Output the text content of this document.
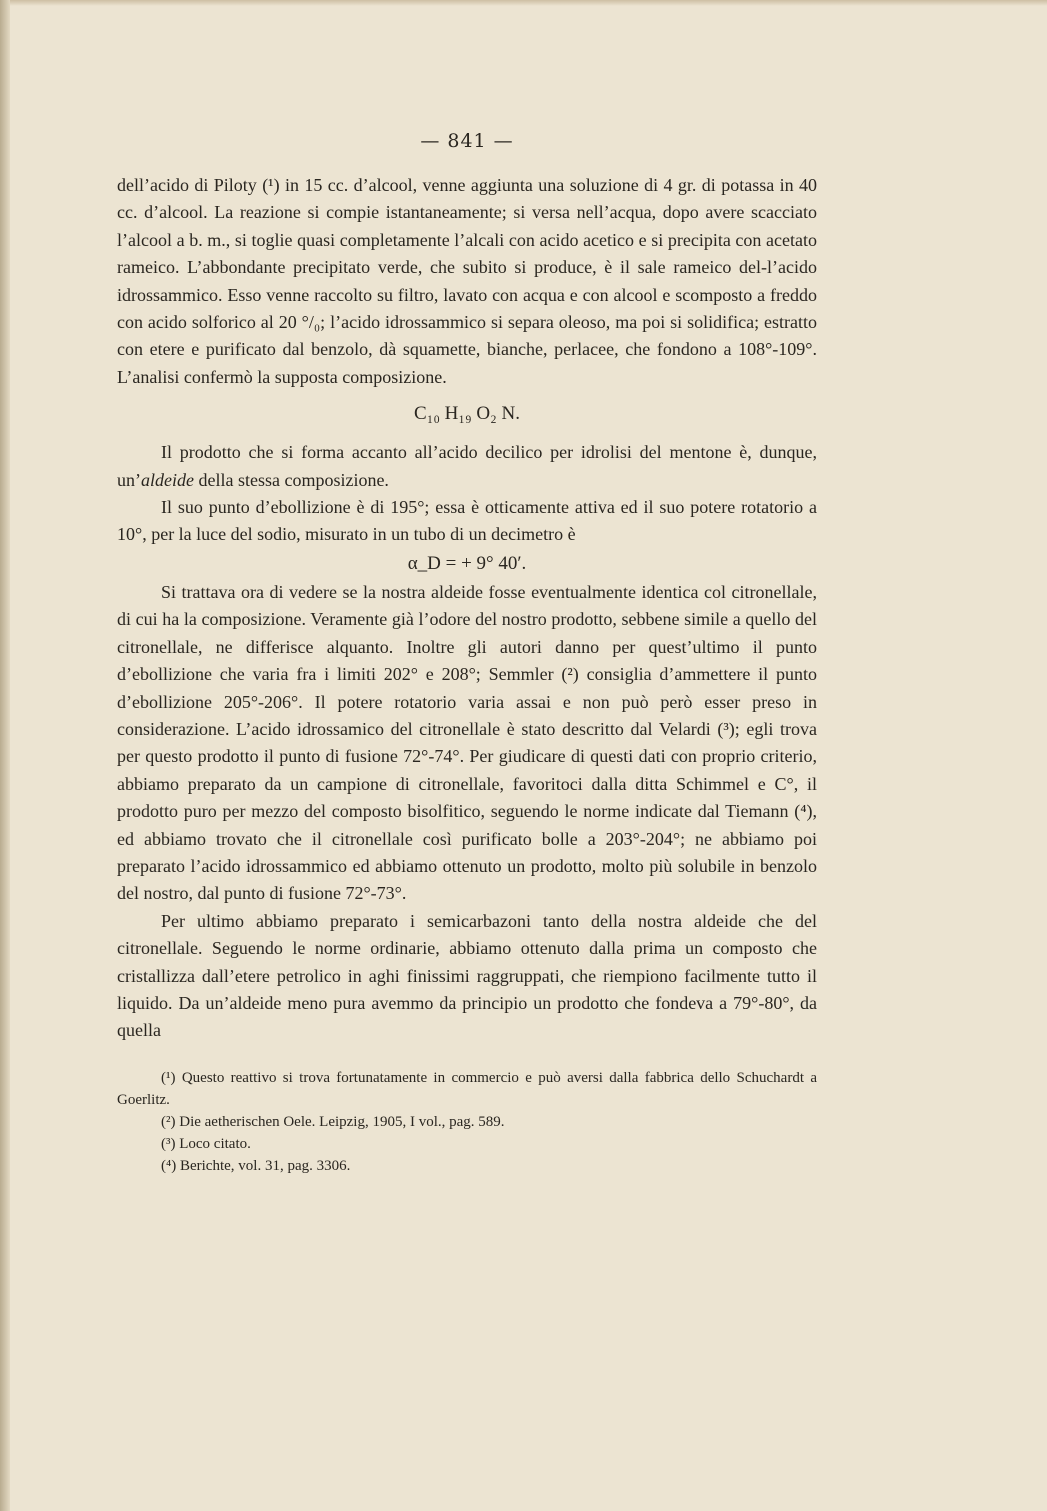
— 841 —

dell’acido di Piloty (¹) in 15 cc. d’alcool, venne aggiunta una soluzione di 4 gr. di potassa in 40 cc. d’alcool. La reazione si compie istantaneamente; si versa nell’acqua, dopo avere scacciato l’alcool a b. m., si toglie quasi completamente l’alcali con acido acetico e si precipita con acetato rameico. L’abbondante precipitato verde, che subito si produce, è il sale rameico del-l’acido idrossammico. Esso venne raccolto su filtro, lavato con acqua e con alcool e scomposto a freddo con acido solforico al 20 °/₀; l’acido idrossammico si separa oleoso, ma poi si solidifica; estratto con etere e purificato dal benzolo, dà squamette, bianche, perlacee, che fondono a 108°-109°. L’analisi confermò la supposta composizione.

C₁₀ H₁₉ O₂ N.

Il prodotto che si forma accanto all’acido decilico per idrolisi del mentone è, dunque, un’aldeide della stessa composizione.

Il suo punto d’ebollizione è di 195°; essa è otticamente attiva ed il suo potere rotatorio a 10°, per la luce del sodio, misurato in un tubo di un decimetro è

α_D = + 9° 40′.

Si trattava ora di vedere se la nostra aldeide fosse eventualmente identica col citronellale, di cui ha la composizione. Veramente già l’odore del nostro prodotto, sebbene simile a quello del citronellale, ne differisce alquanto. Inoltre gli autori danno per quest’ultimo il punto d’ebollizione che varia fra i limiti 202° e 208°; Semmler (²) consiglia d’ammettere il punto d’ebollizione 205°-206°. Il potere rotatorio varia assai e non può però esser preso in considerazione. L’acido idrossamico del citronellale è stato descritto dal Velardi (³); egli trova per questo prodotto il punto di fusione 72°-74°. Per giudicare di questi dati con proprio criterio, abbiamo preparato da un campione di citronellale, favoritoci dalla ditta Schimmel e C°, il prodotto puro per mezzo del composto bisolfitico, seguendo le norme indicate dal Tiemann (⁴), ed abbiamo trovato che il citronellale così purificato bolle a 203°-204°; ne abbiamo poi preparato l’acido idrossammico ed abbiamo ottenuto un prodotto, molto più solubile in benzolo del nostro, dal punto di fusione 72°-73°.

Per ultimo abbiamo preparato i semicarbazoni tanto della nostra aldeide che del citronellale. Seguendo le norme ordinarie, abbiamo ottenuto dalla prima un composto che cristallizza dall’etere petrolico in aghi finissimi raggruppati, che riempiono facilmente tutto il liquido. Da un’aldeide meno pura avemmo da principio un prodotto che fondeva a 79°-80°, da quella

(¹) Questo reattivo si trova fortunatamente in commercio e può aversi dalla fabbrica dello Schuchardt a Goerlitz.

(²) Die aetherischen Oele. Leipzig, 1905, I vol., pag. 589.

(³) Loco citato.

(⁴) Berichte, vol. 31, pag. 3306.
